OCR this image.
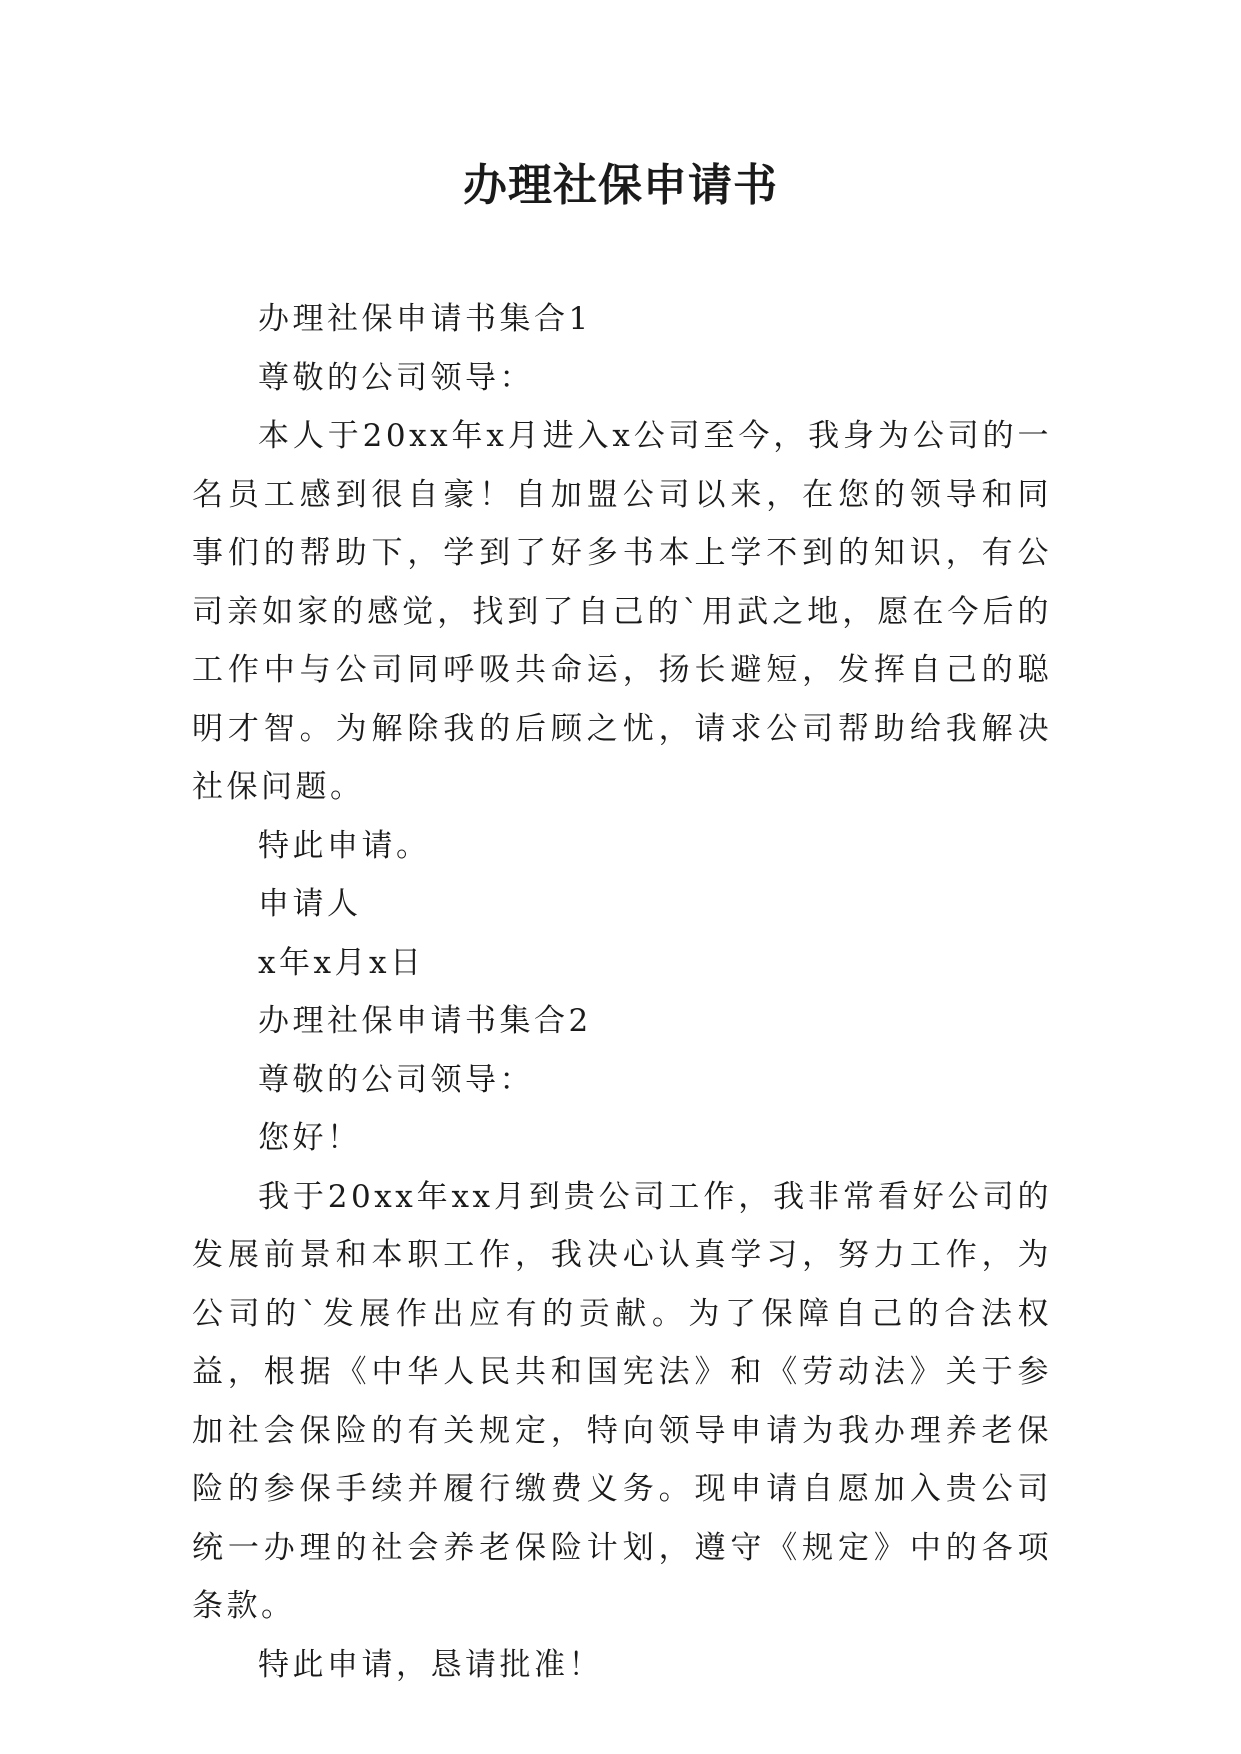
办理社保申请书

办理社保申请书集合1

尊敬的公司领导：

本人于20xx年x月进入x公司至今，我身为公司的一名员工感到很自豪！自加盟公司以来，在您的领导和同事们的帮助下，学到了好多书本上学不到的知识，有公司亲如家的感觉，找到了自己的`用武之地，愿在今后的工作中与公司同呼吸共命运，扬长避短，发挥自己的聪明才智。为解除我的后顾之忧，请求公司帮助给我解决社保问题。

特此申请。

申请人

x年x月x日

办理社保申请书集合2

尊敬的公司领导：

您好！

我于20xx年xx月到贵公司工作，我非常看好公司的发展前景和本职工作，我决心认真学习，努力工作，为公司的`发展作出应有的贡献。为了保障自己的合法权益，根据《中华人民共和国宪法》和《劳动法》关于参加社会保险的有关规定，特向领导申请为我办理养老保险的参保手续并履行缴费义务。现申请自愿加入贵公司统一办理的社会养老保险计划，遵守《规定》中的各项条款。

特此申请，恳请批准！
